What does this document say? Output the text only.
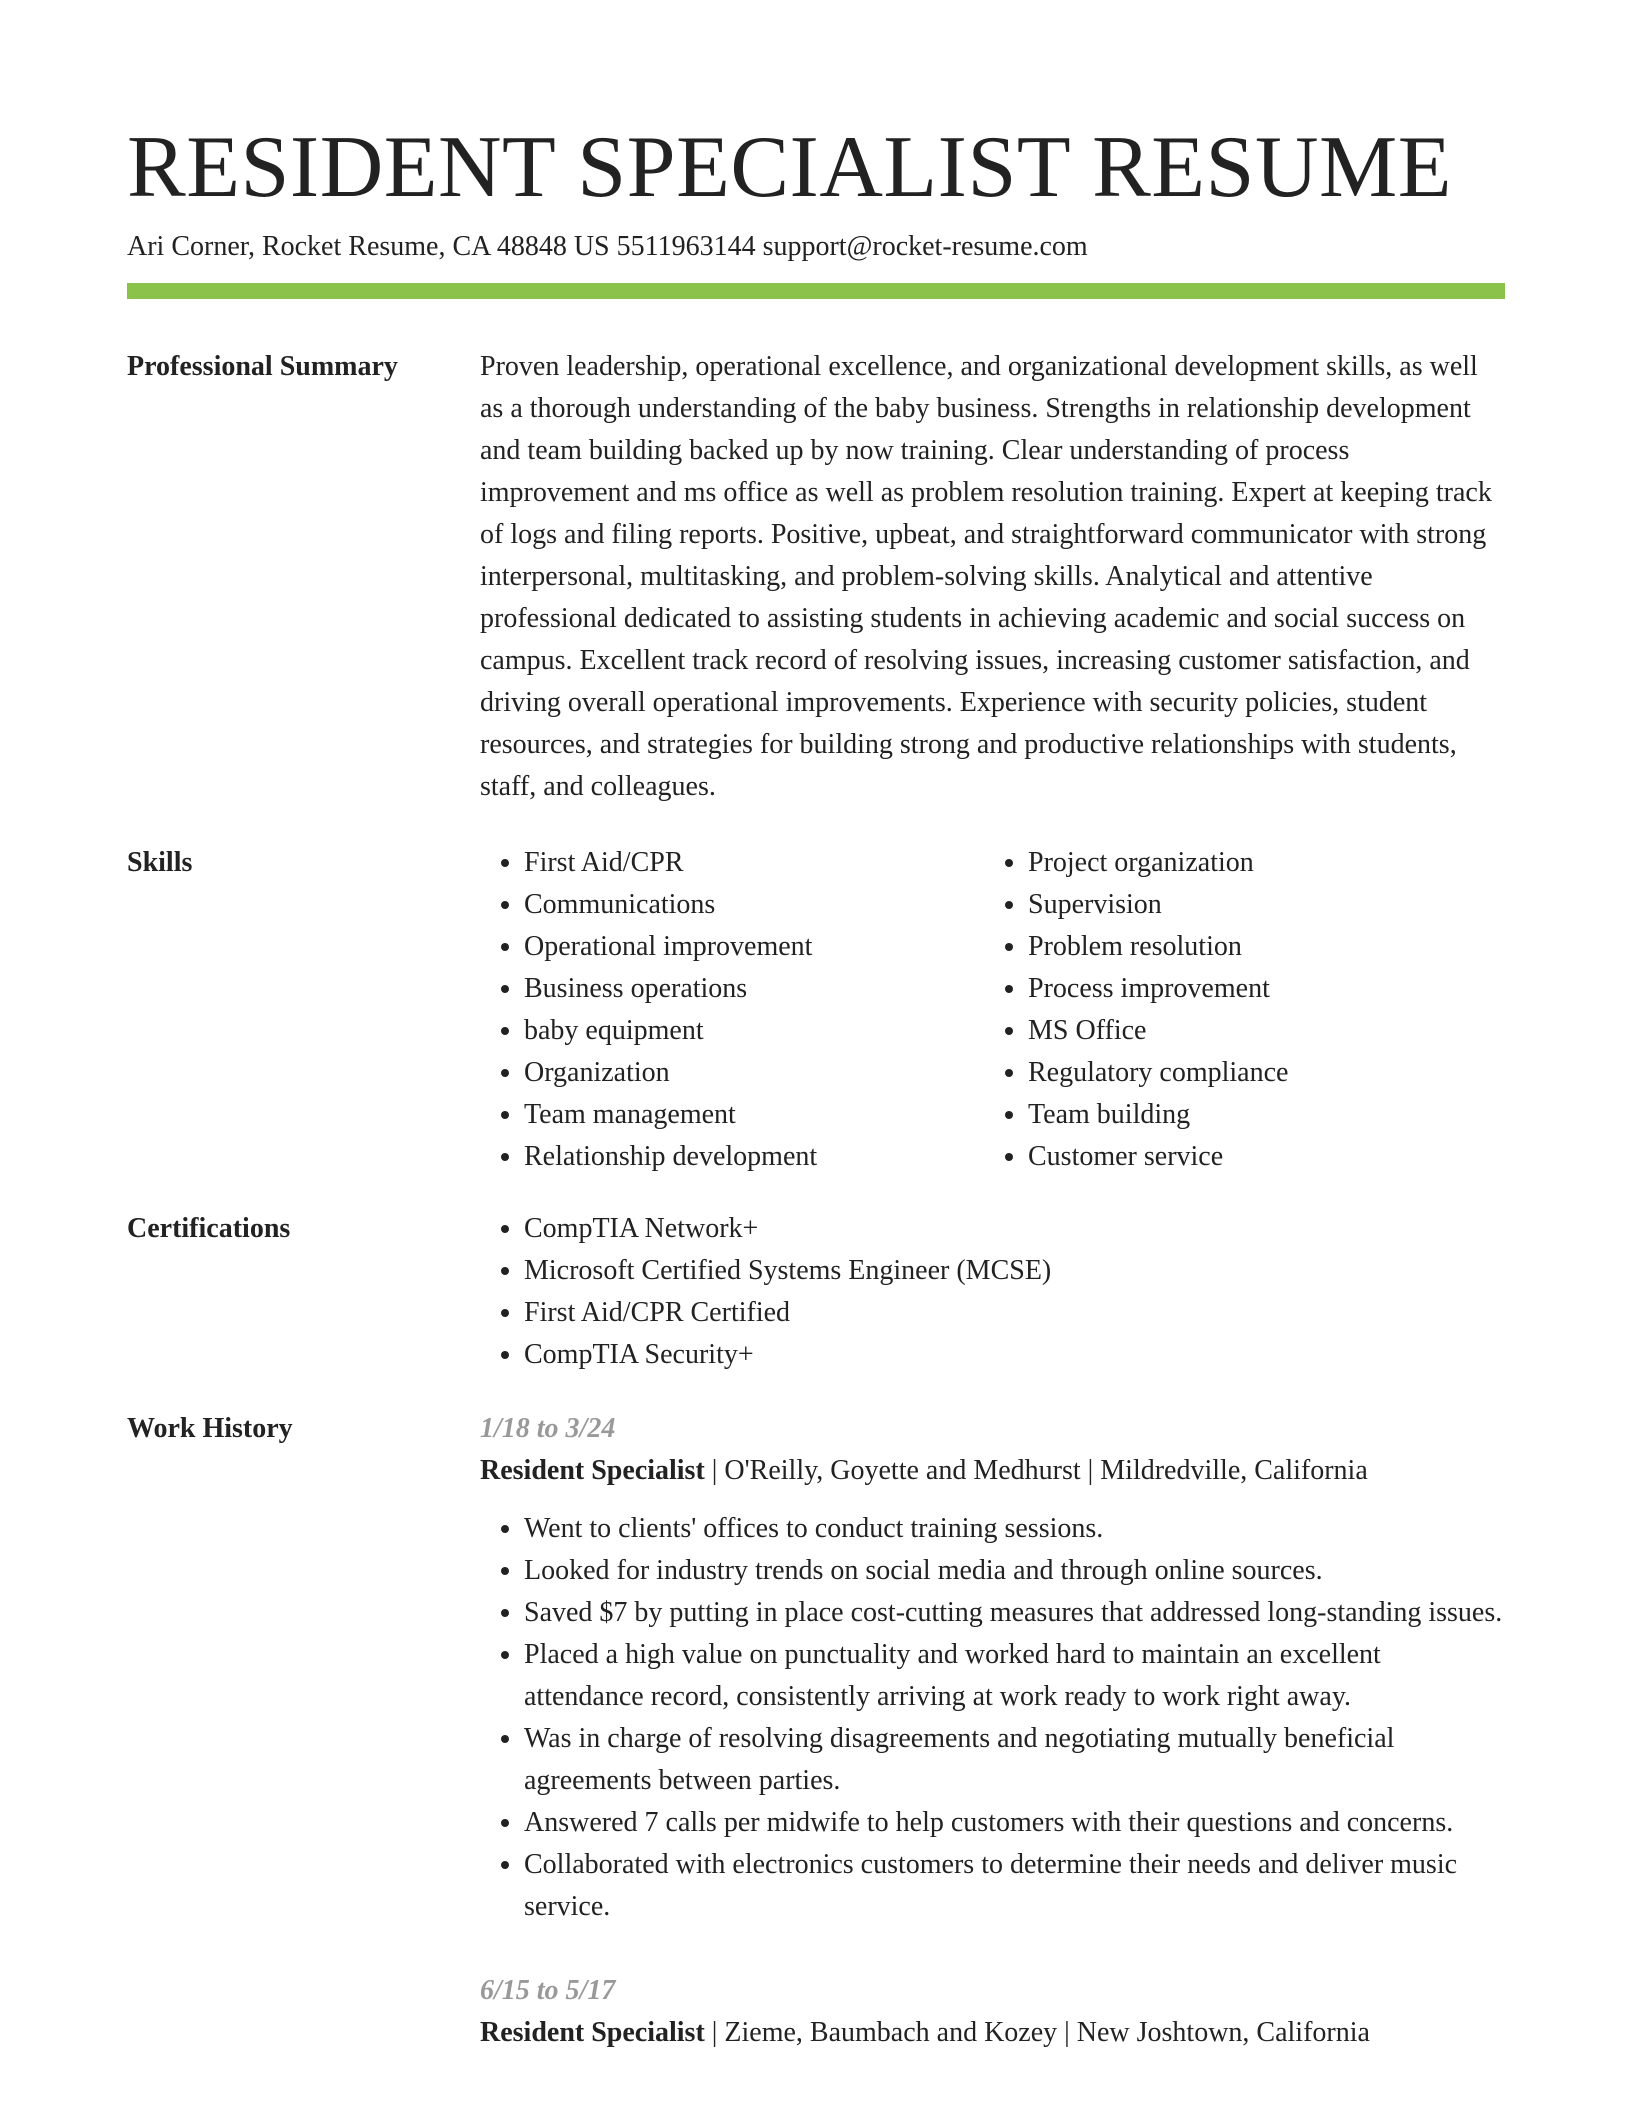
RESIDENT SPECIALIST RESUME
Ari Corner, Rocket Resume, CA 48848 US 5511963144 support@rocket-resume.com
Professional Summary	Proven leadership, operational excellence, and organizational development skills, as well as a thorough understanding of the baby business. Strengths in relationship development and team building backed up by now training. Clear understanding of process improvement and ms office as well as problem resolution training. Expert at keeping track of logs and filing reports. Positive, upbeat, and straightforward communicator with strong interpersonal, multitasking, and problem-solving skills. Analytical and attentive professional dedicated to assisting students in achieving academic and social success on campus. Excellent track record of resolving issues, increasing customer satisfaction, and driving overall operational improvements. Experience with security policies, student resources, and strategies for building strong and productive relationships with students, staff, and colleagues.

Skills	• First Aid/CPR
• Communications
• Operational improvement
• Business operations
• baby equipment
• Organization
• Team management
• Relationship development
• Project organization
• Supervision
• Problem resolution
• Process improvement
• MS Office
• Regulatory compliance
• Team building
• Customer service
Certifications	• CompTIA Network+
• Microsoft Certified Systems Engineer (MCSE)
• First Aid/CPR Certified
• CompTIA Security+
Work History	1/18 to 3/24
Resident Specialist | O'Reilly, Goyette and Medhurst | Mildredville, California
• Went to clients' offices to conduct training sessions.
• Looked for industry trends on social media and through online sources.
• Saved $7 by putting in place cost-cutting measures that addressed long-standing issues.
• Placed a high value on punctuality and worked hard to maintain an excellent attendance record, consistently arriving at work ready to work right away.
• Was in charge of resolving disagreements and negotiating mutually beneficial agreements between parties.
• Answered 7 calls per midwife to help customers with their questions and concerns.
• Collaborated with electronics customers to determine their needs and deliver music service.
6/15 to 5/17
Resident Specialist | Zieme, Baumbach and Kozey | New Joshtown, California
